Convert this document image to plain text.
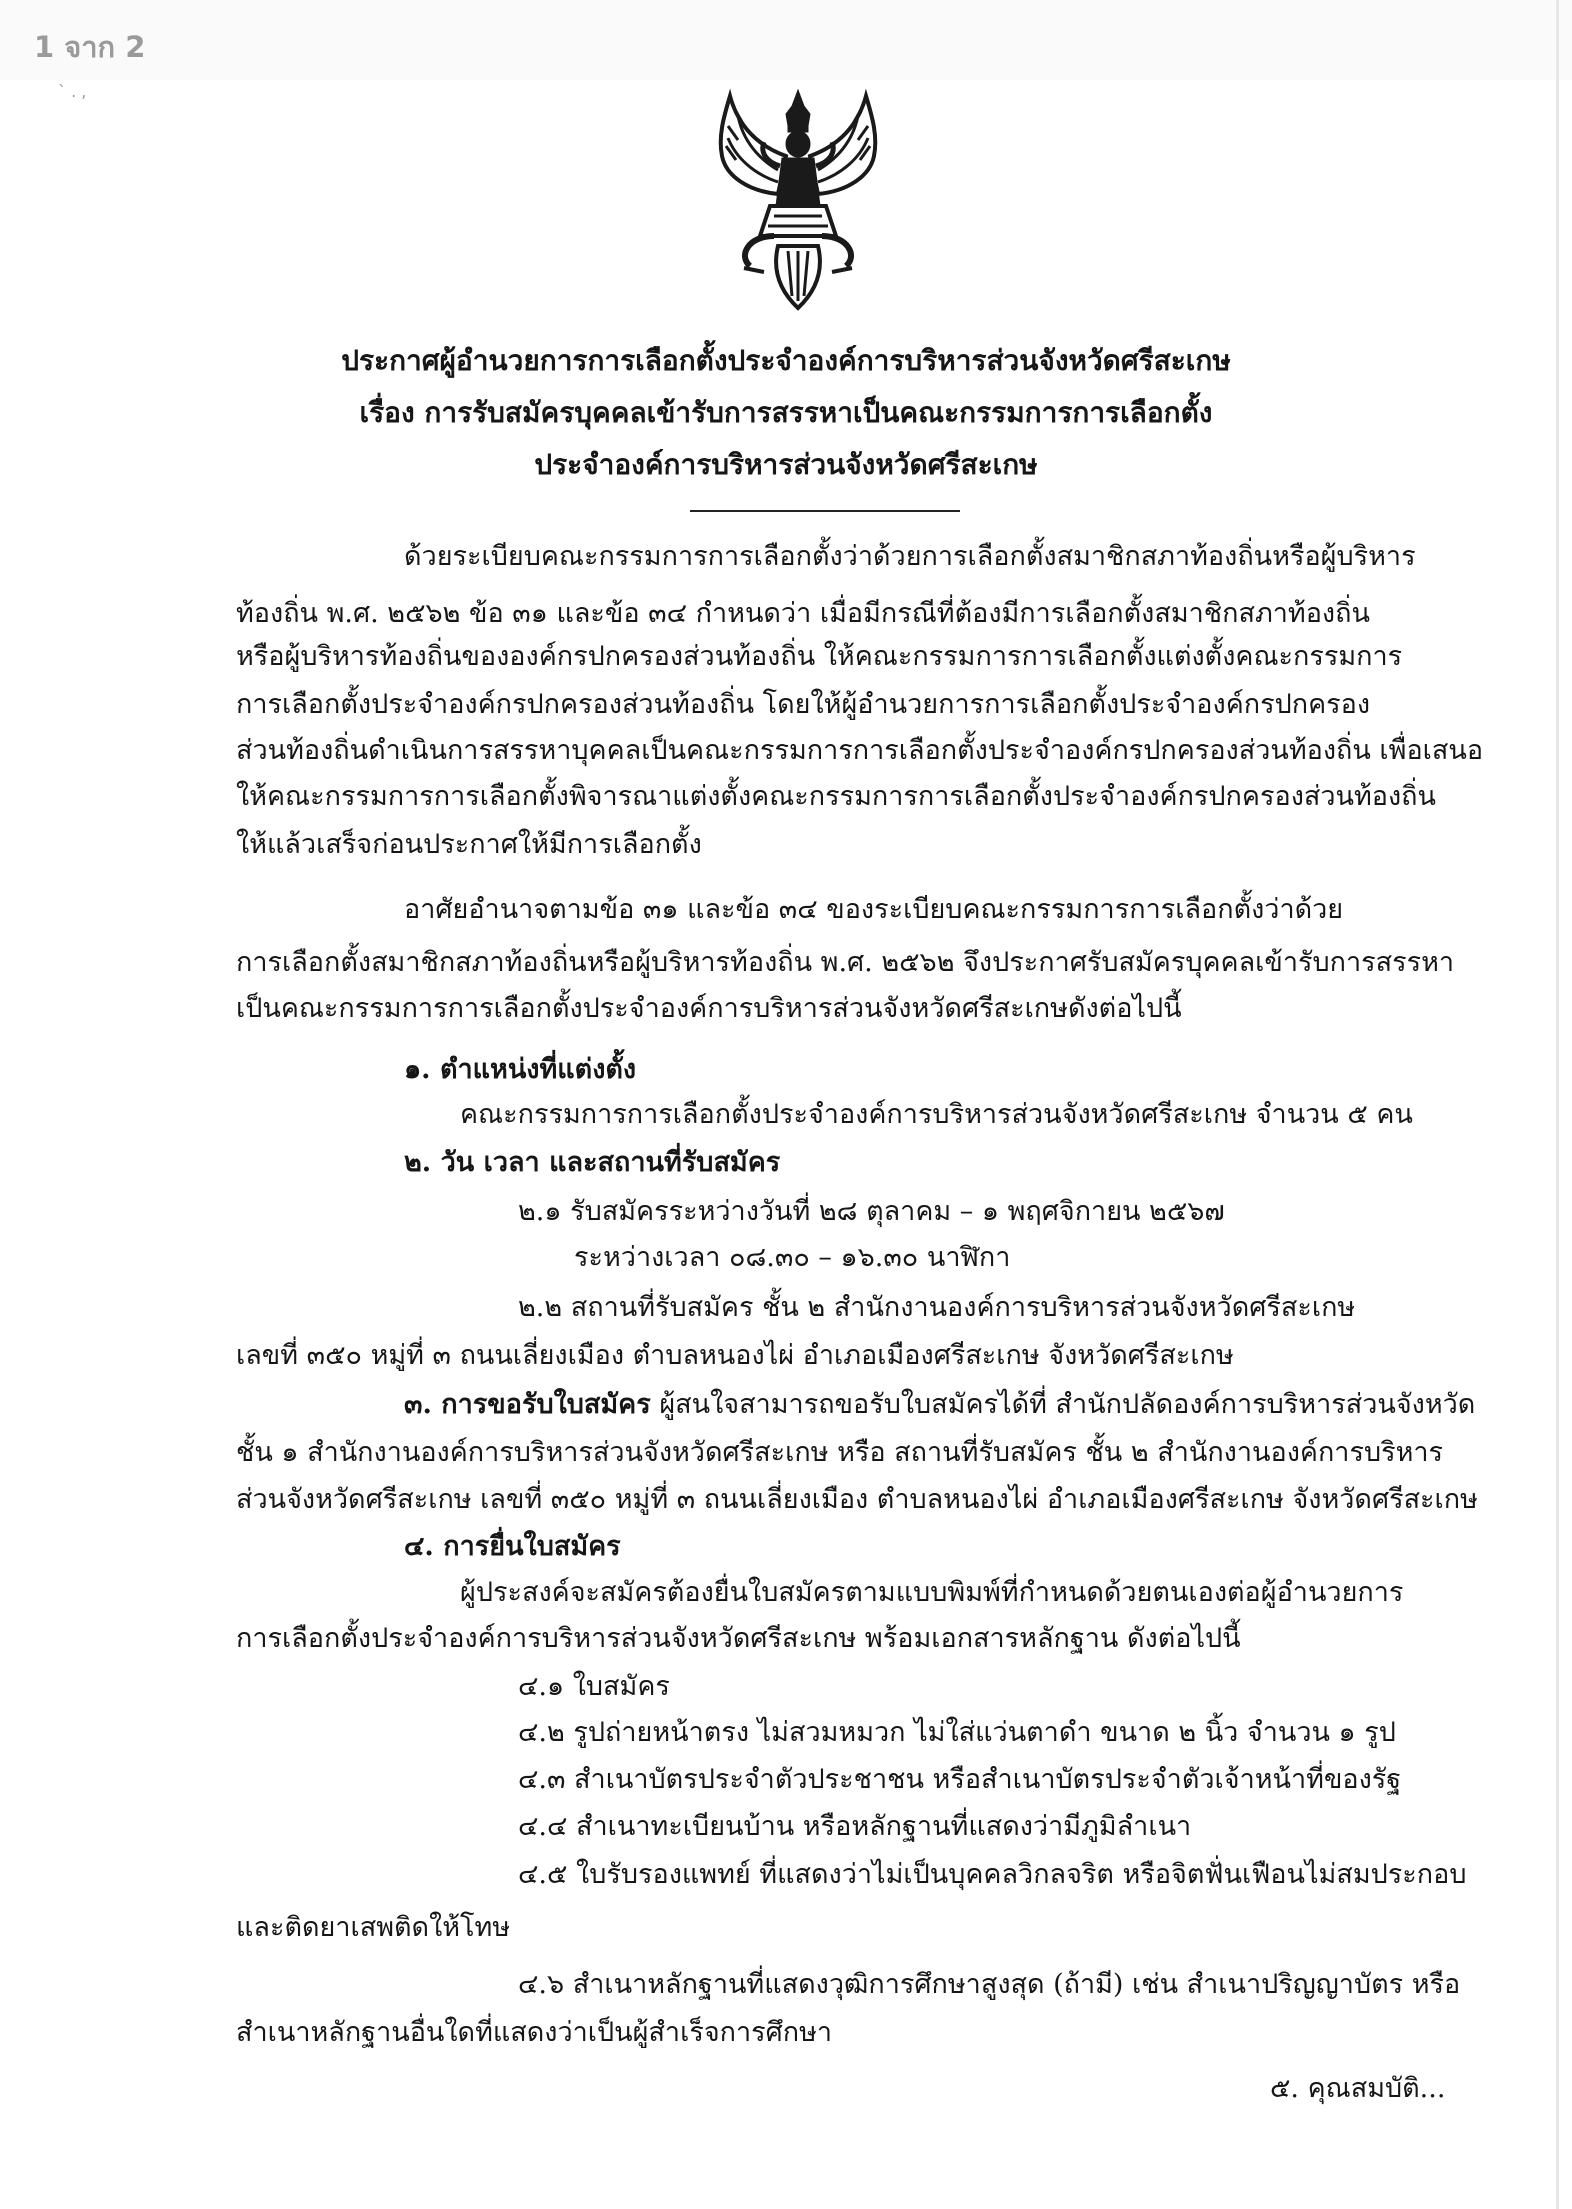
1 จาก 2
` . ,
ประกาศผู้อำนวยการการเลือกตั้งประจำองค์การบริหารส่วนจังหวัดศรีสะเกษ
เรื่อง การรับสมัครบุคคลเข้ารับการสรรหาเป็นคณะกรรมการการเลือกตั้ง
ประจำองค์การบริหารส่วนจังหวัดศรีสะเกษ
ด้วยระเบียบคณะกรรมการการเลือกตั้งว่าด้วยการเลือกตั้งสมาชิกสภาท้องถิ่นหรือผู้บริหาร
ท้องถิ่น พ.ศ. ๒๕๖๒ ข้อ ๓๑ และข้อ ๓๔ กำหนดว่า เมื่อมีกรณีที่ต้องมีการเลือกตั้งสมาชิกสภาท้องถิ่น
หรือผู้บริหารท้องถิ่นขององค์กรปกครองส่วนท้องถิ่น ให้คณะกรรมการการเลือกตั้งแต่งตั้งคณะกรรมการ
การเลือกตั้งประจำองค์กรปกครองส่วนท้องถิ่น โดยให้ผู้อำนวยการการเลือกตั้งประจำองค์กรปกครอง
ส่วนท้องถิ่นดำเนินการสรรหาบุคคลเป็นคณะกรรมการการเลือกตั้งประจำองค์กรปกครองส่วนท้องถิ่น เพื่อเสนอ
ให้คณะกรรมการการเลือกตั้งพิจารณาแต่งตั้งคณะกรรมการการเลือกตั้งประจำองค์กรปกครองส่วนท้องถิ่น
ให้แล้วเสร็จก่อนประกาศให้มีการเลือกตั้ง
อาศัยอำนาจตามข้อ ๓๑ และข้อ ๓๔ ของระเบียบคณะกรรมการการเลือกตั้งว่าด้วย
การเลือกตั้งสมาชิกสภาท้องถิ่นหรือผู้บริหารท้องถิ่น พ.ศ. ๒๕๖๒ จึงประกาศรับสมัครบุคคลเข้ารับการสรรหา
เป็นคณะกรรมการการเลือกตั้งประจำองค์การบริหารส่วนจังหวัดศรีสะเกษดังต่อไปนี้
๑. ตำแหน่งที่แต่งตั้ง
คณะกรรมการการเลือกตั้งประจำองค์การบริหารส่วนจังหวัดศรีสะเกษ จำนวน ๕ คน
๒. วัน เวลา และสถานที่รับสมัคร
๒.๑ รับสมัครระหว่างวันที่ ๒๘ ตุลาคม – ๑ พฤศจิกายน ๒๕๖๗
ระหว่างเวลา ๐๘.๓๐ – ๑๖.๓๐ นาฬิกา
๒.๒ สถานที่รับสมัคร ชั้น ๒ สำนักงานองค์การบริหารส่วนจังหวัดศรีสะเกษ
เลขที่ ๓๕๐ หมู่ที่ ๓ ถนนเลี่ยงเมือง ตำบลหนองไผ่ อำเภอเมืองศรีสะเกษ จังหวัดศรีสะเกษ
๓. การขอรับใบสมัคร ผู้สนใจสามารถขอรับใบสมัครได้ที่ สำนักปลัดองค์การบริหารส่วนจังหวัด
ชั้น ๑ สำนักงานองค์การบริหารส่วนจังหวัดศรีสะเกษ หรือ สถานที่รับสมัคร ชั้น ๒ สำนักงานองค์การบริหาร
ส่วนจังหวัดศรีสะเกษ เลขที่ ๓๕๐ หมู่ที่ ๓ ถนนเลี่ยงเมือง ตำบลหนองไผ่ อำเภอเมืองศรีสะเกษ จังหวัดศรีสะเกษ
๔. การยื่นใบสมัคร
ผู้ประสงค์จะสมัครต้องยื่นใบสมัครตามแบบพิมพ์ที่กำหนดด้วยตนเองต่อผู้อำนวยการ
การเลือกตั้งประจำองค์การบริหารส่วนจังหวัดศรีสะเกษ พร้อมเอกสารหลักฐาน ดังต่อไปนี้
๔.๑ ใบสมัคร
๔.๒ รูปถ่ายหน้าตรง ไม่สวมหมวก ไม่ใส่แว่นตาดำ ขนาด ๒ นิ้ว จำนวน ๑ รูป
๔.๓ สำเนาบัตรประจำตัวประชาชน หรือสำเนาบัตรประจำตัวเจ้าหน้าที่ของรัฐ
๔.๔ สำเนาทะเบียนบ้าน หรือหลักฐานที่แสดงว่ามีภูมิลำเนา
๔.๕ ใบรับรองแพทย์ ที่แสดงว่าไม่เป็นบุคคลวิกลจริต หรือจิตฟั่นเฟือนไม่สมประกอบ
และติดยาเสพติดให้โทษ
๔.๖ สำเนาหลักฐานที่แสดงวุฒิการศึกษาสูงสุด (ถ้ามี) เช่น สำเนาปริญญาบัตร หรือ
สำเนาหลักฐานอื่นใดที่แสดงว่าเป็นผู้สำเร็จการศึกษา
๕. คุณสมบัติ...
